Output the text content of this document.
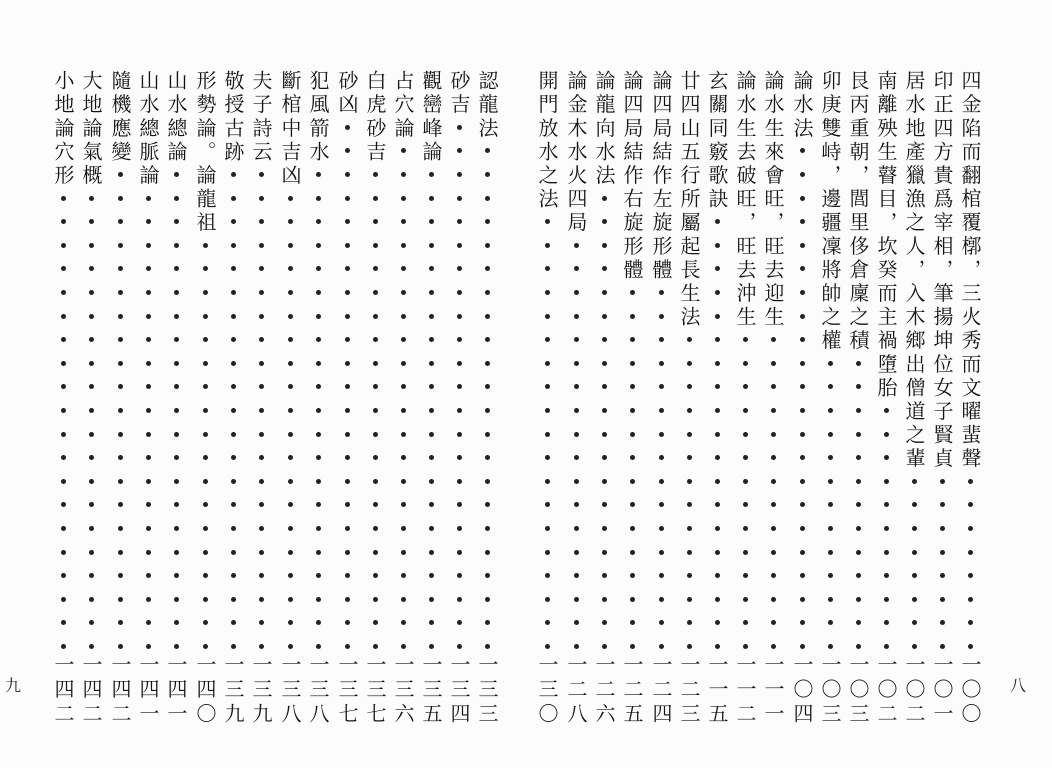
四金陷而翻棺覆槨，三火秀而文曜蜚聲
一〇〇
印正四方貴爲宰相，筆揚坤位女子賢貞
一〇一
居水地產獵漁之人，入木鄉出僧道之輩
一〇二
南離殃生瞽目，坎癸而主禍墮胎
一〇二
艮丙重朝，閭里侈倉廩之積
一〇三
卯庚雙峙，邊疆凜將帥之權
一〇三
論水法
一〇四
論水生來會旺，旺去迎生
一一一
論水生去破旺，旺去沖生
一一二
玄關同竅歌訣
一一五
廿四山五行所屬起長生法
一二三
論四局結作左旋形體
一二四
論四局結作右旋形體
一二五
論龍向水法
一二六
論金木水火四局
一二八
開門放水之法
一三〇	八
認龍法
一三三
砂吉
一三四
觀巒峰論
一三五
占穴論
一三六
白虎砂吉
一三七
砂凶
一三七
犯風箭水
一三八
斷棺中吉凶
一三八
夫子詩云
一三九
敬授古跡
一三九
形勢論。論龍祖
一四〇
山水總論
一四一
山水總脈論
一四一
隨機應變
一四二
大地論氣概
一四二
小地論穴形
一四二
九
